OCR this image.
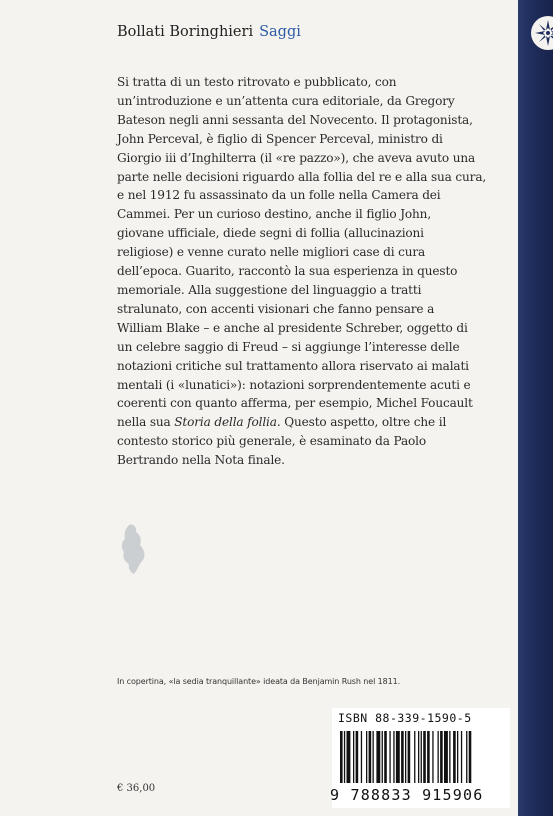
Bollati Boringhieri Saggi
Si tratta di un testo ritrovato e pubblicato, con
un’introduzione e un’attenta cura editoriale, da Gregory
Bateson negli anni sessanta del Novecento. Il protagonista,
John Perceval, è figlio di Spencer Perceval, ministro di
Giorgio iii d’Inghilterra (il «re pazzo»), che aveva avuto una
parte nelle decisioni riguardo alla follia del re e alla sua cura,
e nel 1912 fu assassinato da un folle nella Camera dei
Cammei. Per un curioso destino, anche il figlio John,
giovane ufficiale, diede segni di follia (allucinazioni
religiose) e venne curato nelle migliori case di cura
dell’epoca. Guarito, raccontò la sua esperienza in questo
memoriale. Alla suggestione del linguaggio a tratti
stralunato, con accenti visionari che fanno pensare a
William Blake – e anche al presidente Schreber, oggetto di
un celebre saggio di Freud – si aggiunge l’interesse delle
notazioni critiche sul trattamento allora riservato ai malati
mentali (i «lunatici»): notazioni sorprendentemente acuti e
coerenti con quanto afferma, per esempio, Michel Foucault
nella sua Storia della follia. Questo aspetto, oltre che il
contesto storico più generale, è esaminato da Paolo
Bertrando nella Nota finale.
In copertina, «la sedia tranquillante» ideata da Benjamin Rush nel 1811.
€ 36,00
ISBN 88-339-1590-5
9 788833 915906
